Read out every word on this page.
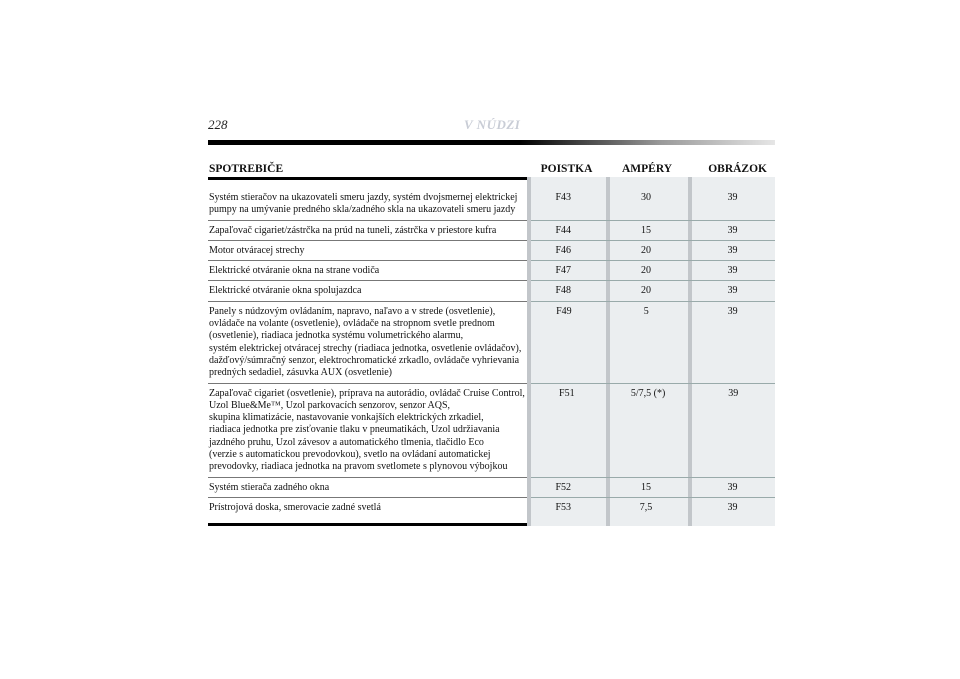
228	V NÚDZI
SPOTREBIČE	POISTKA	AMPÉRY	OBRÁZOK
Systém stieračov na ukazovateli smeru jazdy, systém dvojsmernej elektrickej
pumpy na umývanie predného skla/zadného skla na ukazovateli smeru jazdy
F43	30	39
Zapaľovač cigariet/zástrčka na prúd na tuneli, zástrčka v priestore kufra	F44	15	39
Motor otváracej strechy	F46	20	39
Elektrické otváranie okna na strane vodiča	F47	20	39
Elektrické otváranie okna spolujazdca	F48	20	39
Panely s núdzovým ovládaním, napravo, naľavo a v strede (osvetlenie),
ovládače na volante (osvetlenie), ovládače na stropnom svetle prednom
(osvetlenie), riadiaca jednotka systému volumetrického alarmu,
systém elektrickej otváracej strechy (riadiaca jednotka, osvetlenie ovládačov),
dažďový/súmračný senzor, elektrochromatické zrkadlo, ovládače vyhrievania
predných sedadiel, zásuvka AUX (osvetlenie)
F49	5	39
Zapaľovač cigariet (osvetlenie), príprava na autorádio, ovládač Cruise Control,
Uzol Blue&Me™, Uzol parkovacích senzorov, senzor AQS,
skupina klimatizácie, nastavovanie vonkajších elektrických zrkadiel,
riadiaca jednotka pre zisťovanie tlaku v pneumatikách, Uzol udržiavania
jazdného pruhu, Uzol závesov a automatického tlmenia, tlačidlo Eco
(verzie s automatickou prevodovkou), svetlo na ovládaní automatickej
prevodovky, riadiaca jednotka na pravom svetlomete s plynovou výbojkou
F51	5/7,5 (*)	39
Systém stierača zadného okna	F52	15	39
Prístrojová doska, smerovacie zadné svetlá	F53	7,5	39
